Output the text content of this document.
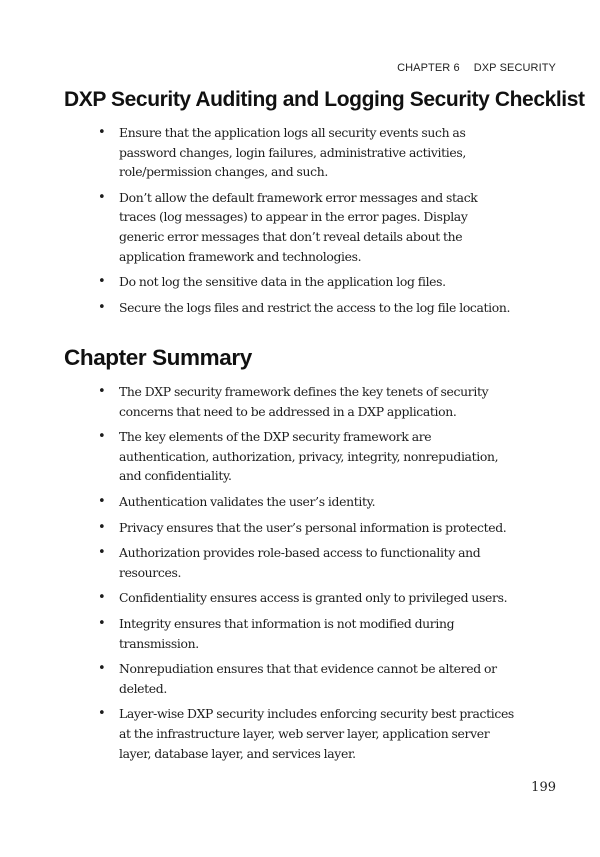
CHAPTER 6 DXP SECURITY
DXP Security Auditing and Logging Security Checklist
• Ensure that the application logs all security events such as password changes, login failures, administrative activities, role/permission changes, and such.
• Don’t allow the default framework error messages and stack traces (log messages) to appear in the error pages. Display generic error messages that don’t reveal details about the application framework and technologies.
• Do not log the sensitive data in the application log files.
• Secure the logs files and restrict the access to the log file location.
Chapter Summary
• The DXP security framework defines the key tenets of security concerns that need to be addressed in a DXP application.
• The key elements of the DXP security framework are authentication, authorization, privacy, integrity, nonrepudiation, and confidentiality.
• Authentication validates the user’s identity.
• Privacy ensures that the user’s personal information is protected.
• Authorization provides role-based access to functionality and resources.
• Confidentiality ensures access is granted only to privileged users.
• Integrity ensures that information is not modified during transmission.
• Nonrepudiation ensures that that evidence cannot be altered or deleted.
• Layer-wise DXP security includes enforcing security best practices at the infrastructure layer, web server layer, application server layer, database layer, and services layer.
199
